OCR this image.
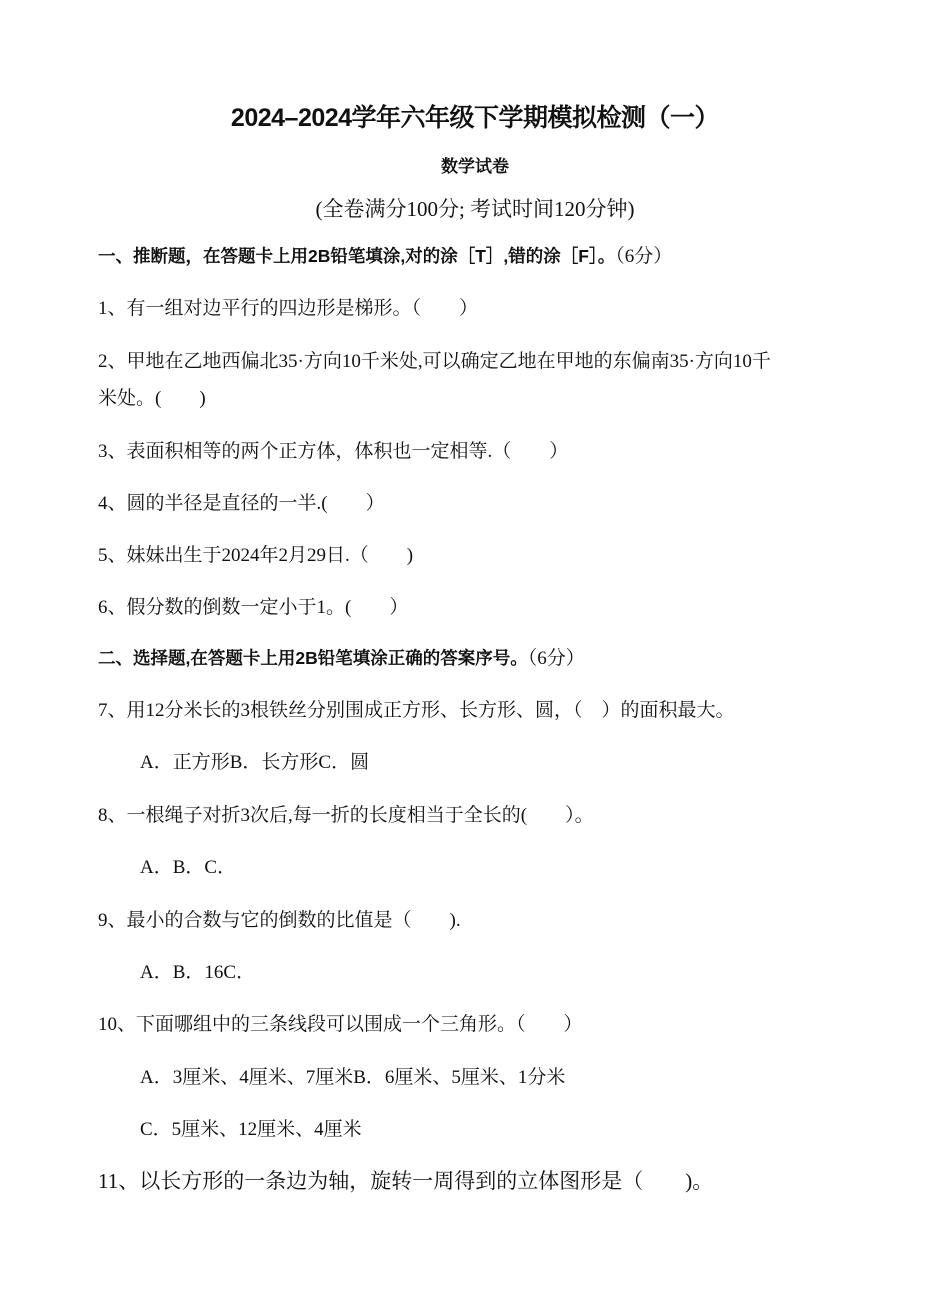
2024–2024学年六年级下学期模拟检测（一）
数学试卷
(全卷满分100分; 考试时间120分钟)
一、推断题，在答题卡上用2B铅笔填涂,对的涂［T］,错的涂［F］。（6分）
1、有一组对边平行的四边形是梯形。（　　）
2、甲地在乙地西偏北35·方向10千米处,可以确定乙地在甲地的东偏南35·方向10千
米处。(　　)
3、表面积相等的两个正方体，体积也一定相等.（　　）
4、圆的半径是直径的一半.(　　）
5、妹妹出生于2024年2月29日.（　　)
6、假分数的倒数一定小于1。(　　）
二、选择题,在答题卡上用2B铅笔填涂正确的答案序号。（6分）
7、用12分米长的3根铁丝分别围成正方形、长方形、圆，（　）的面积最大。
A．正方形B．长方形C．圆
8、一根绳子对折3次后,每一折的长度相当于全长的(　　）。
A．B．C．
9、最小的合数与它的倒数的比值是（　　).
A．B．16C．
10、下面哪组中的三条线段可以围成一个三角形。（　　）
A．3厘米、4厘米、7厘米B．6厘米、5厘米、1分米
C．5厘米、12厘米、4厘米
11、以长方形的一条边为轴，旋转一周得到的立体图形是（　　)。
